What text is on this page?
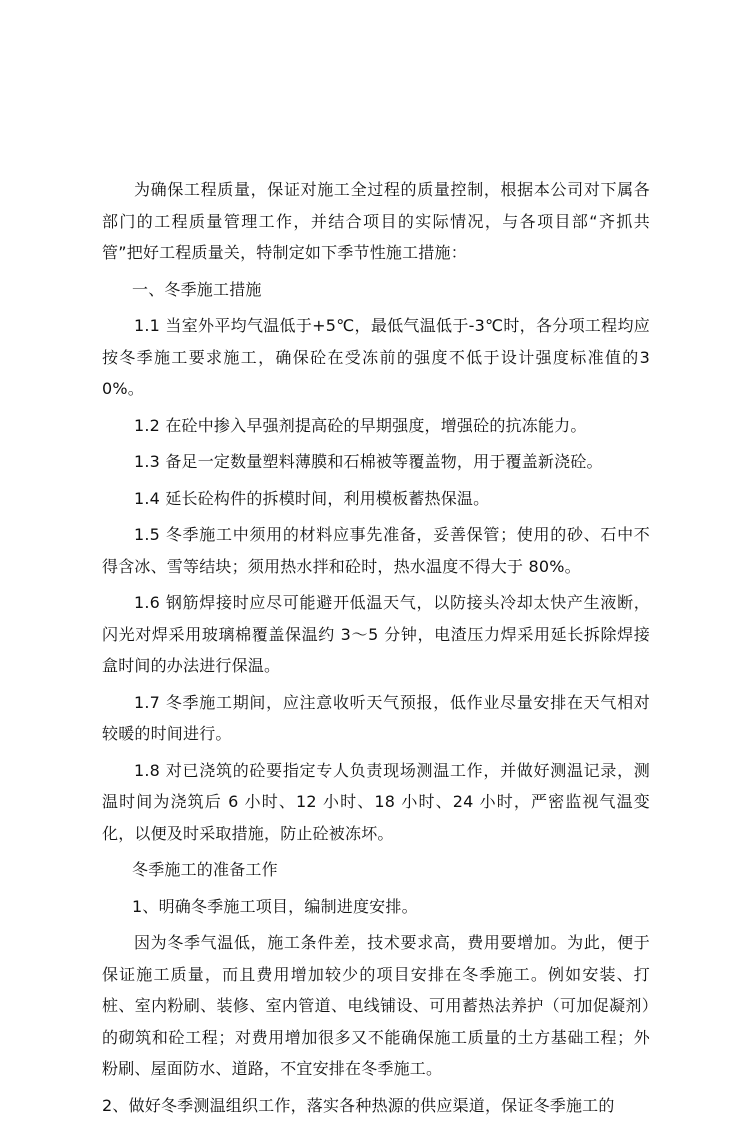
为确保工程质量，保证对施工全过程的质量控制，根据本公司对下属各部门的工程质量管理工作，并结合项目的实际情况，与各项目部“齐抓共管”把好工程质量关，特制定如下季节性施工措施：

一、冬季施工措施

1.1 当室外平均气温低于+5℃，最低气温低于-3℃时，各分项工程均应按冬季施工要求施工，确保砼在受冻前的强度不低于设计强度标准值的30%。

1.2 在砼中掺入早强剂提高砼的早期强度，增强砼的抗冻能力。

1.3 备足一定数量塑料薄膜和石棉被等覆盖物，用于覆盖新浇砼。

1.4 延长砼构件的拆模时间，利用模板蓄热保温。

1.5 冬季施工中须用的材料应事先准备，妥善保管；使用的砂、石中不得含冰、雪等结块；须用热水拌和砼时，热水温度不得大于 80%。

1.6 钢筋焊接时应尽可能避开低温天气，以防接头冷却太快产生液断，闪光对焊采用玻璃棉覆盖保温约 3～5 分钟，电渣压力焊采用延长拆除焊接盒时间的办法进行保温。

1.7 冬季施工期间，应注意收听天气预报，低作业尽量安排在天气相对较暖的时间进行。

1.8 对已浇筑的砼要指定专人负责现场测温工作，并做好测温记录，测温时间为浇筑后 6 小时、12 小时、18 小时、24 小时，严密监视气温变化，以便及时采取措施，防止砼被冻坏。

冬季施工的准备工作

1、明确冬季施工项目，编制进度安排。

因为冬季气温低，施工条件差，技术要求高，费用要增加。为此，便于保证施工质量，而且费用增加较少的项目安排在冬季施工。例如安装、打桩、室内粉刷、装修、室内管道、电线铺设、可用蓄热法养护（可加促凝剂）的砌筑和砼工程；对费用增加很多又不能确保施工质量的土方基础工程；外粉刷、屋面防水、道路，不宜安排在冬季施工。

2、做好冬季测温组织工作，落实各种热源的供应渠道，保证冬季施工的
